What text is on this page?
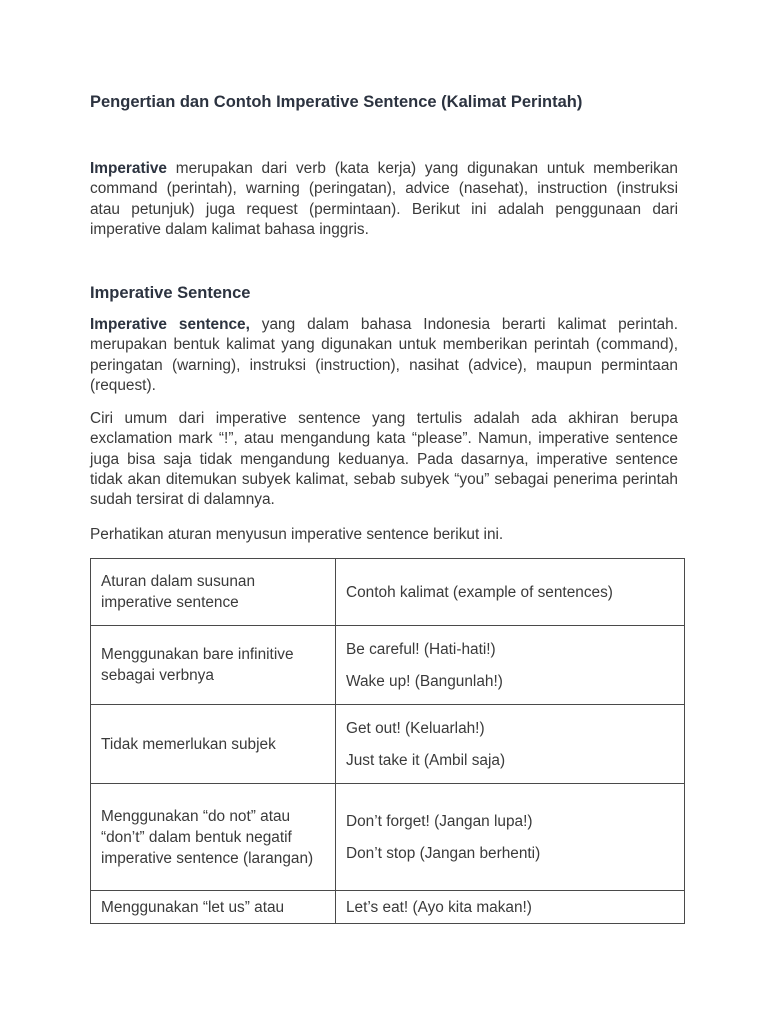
Pengertian dan Contoh Imperative Sentence (Kalimat Perintah)

Imperative merupakan dari verb (kata kerja) yang digunakan untuk memberikan command (perintah), warning (peringatan), advice (nasehat), instruction (instruksi atau petunjuk) juga request (permintaan). Berikut ini adalah penggunaan dari imperative dalam kalimat bahasa inggris.

Imperative Sentence

Imperative sentence, yang dalam bahasa Indonesia berarti kalimat perintah. merupakan bentuk kalimat yang digunakan untuk memberikan perintah (command), peringatan (warning), instruksi (instruction), nasihat (advice), maupun permintaan (request).

Ciri umum dari imperative sentence yang tertulis adalah ada akhiran berupa exclamation mark “!”, atau mengandung kata “please”. Namun, imperative sentence juga bisa saja tidak mengandung keduanya. Pada dasarnya, imperative sentence tidak akan ditemukan subyek kalimat, sebab subyek “you” sebagai penerima perintah sudah tersirat di dalamnya.

Perhatikan aturan menyusun imperative sentence berikut ini.

Aturan dalam susunan imperative sentence	Contoh kalimat (example of sentences)
Menggunakan bare infinitive sebagai verbnya	Be careful! (Hati-hati!)

Wake up! (Bangunlah!)

Tidak memerlukan subjek	Get out! (Keluarlah!)

Just take it (Ambil saja)

Menggunakan “do not” atau “don’t” dalam bentuk negatif imperative sentence (larangan)	Don’t forget! (Jangan lupa!)

Don’t stop (Jangan berhenti)

Menggunakan “let us” atau	Let’s eat! (Ayo kita makan!)
